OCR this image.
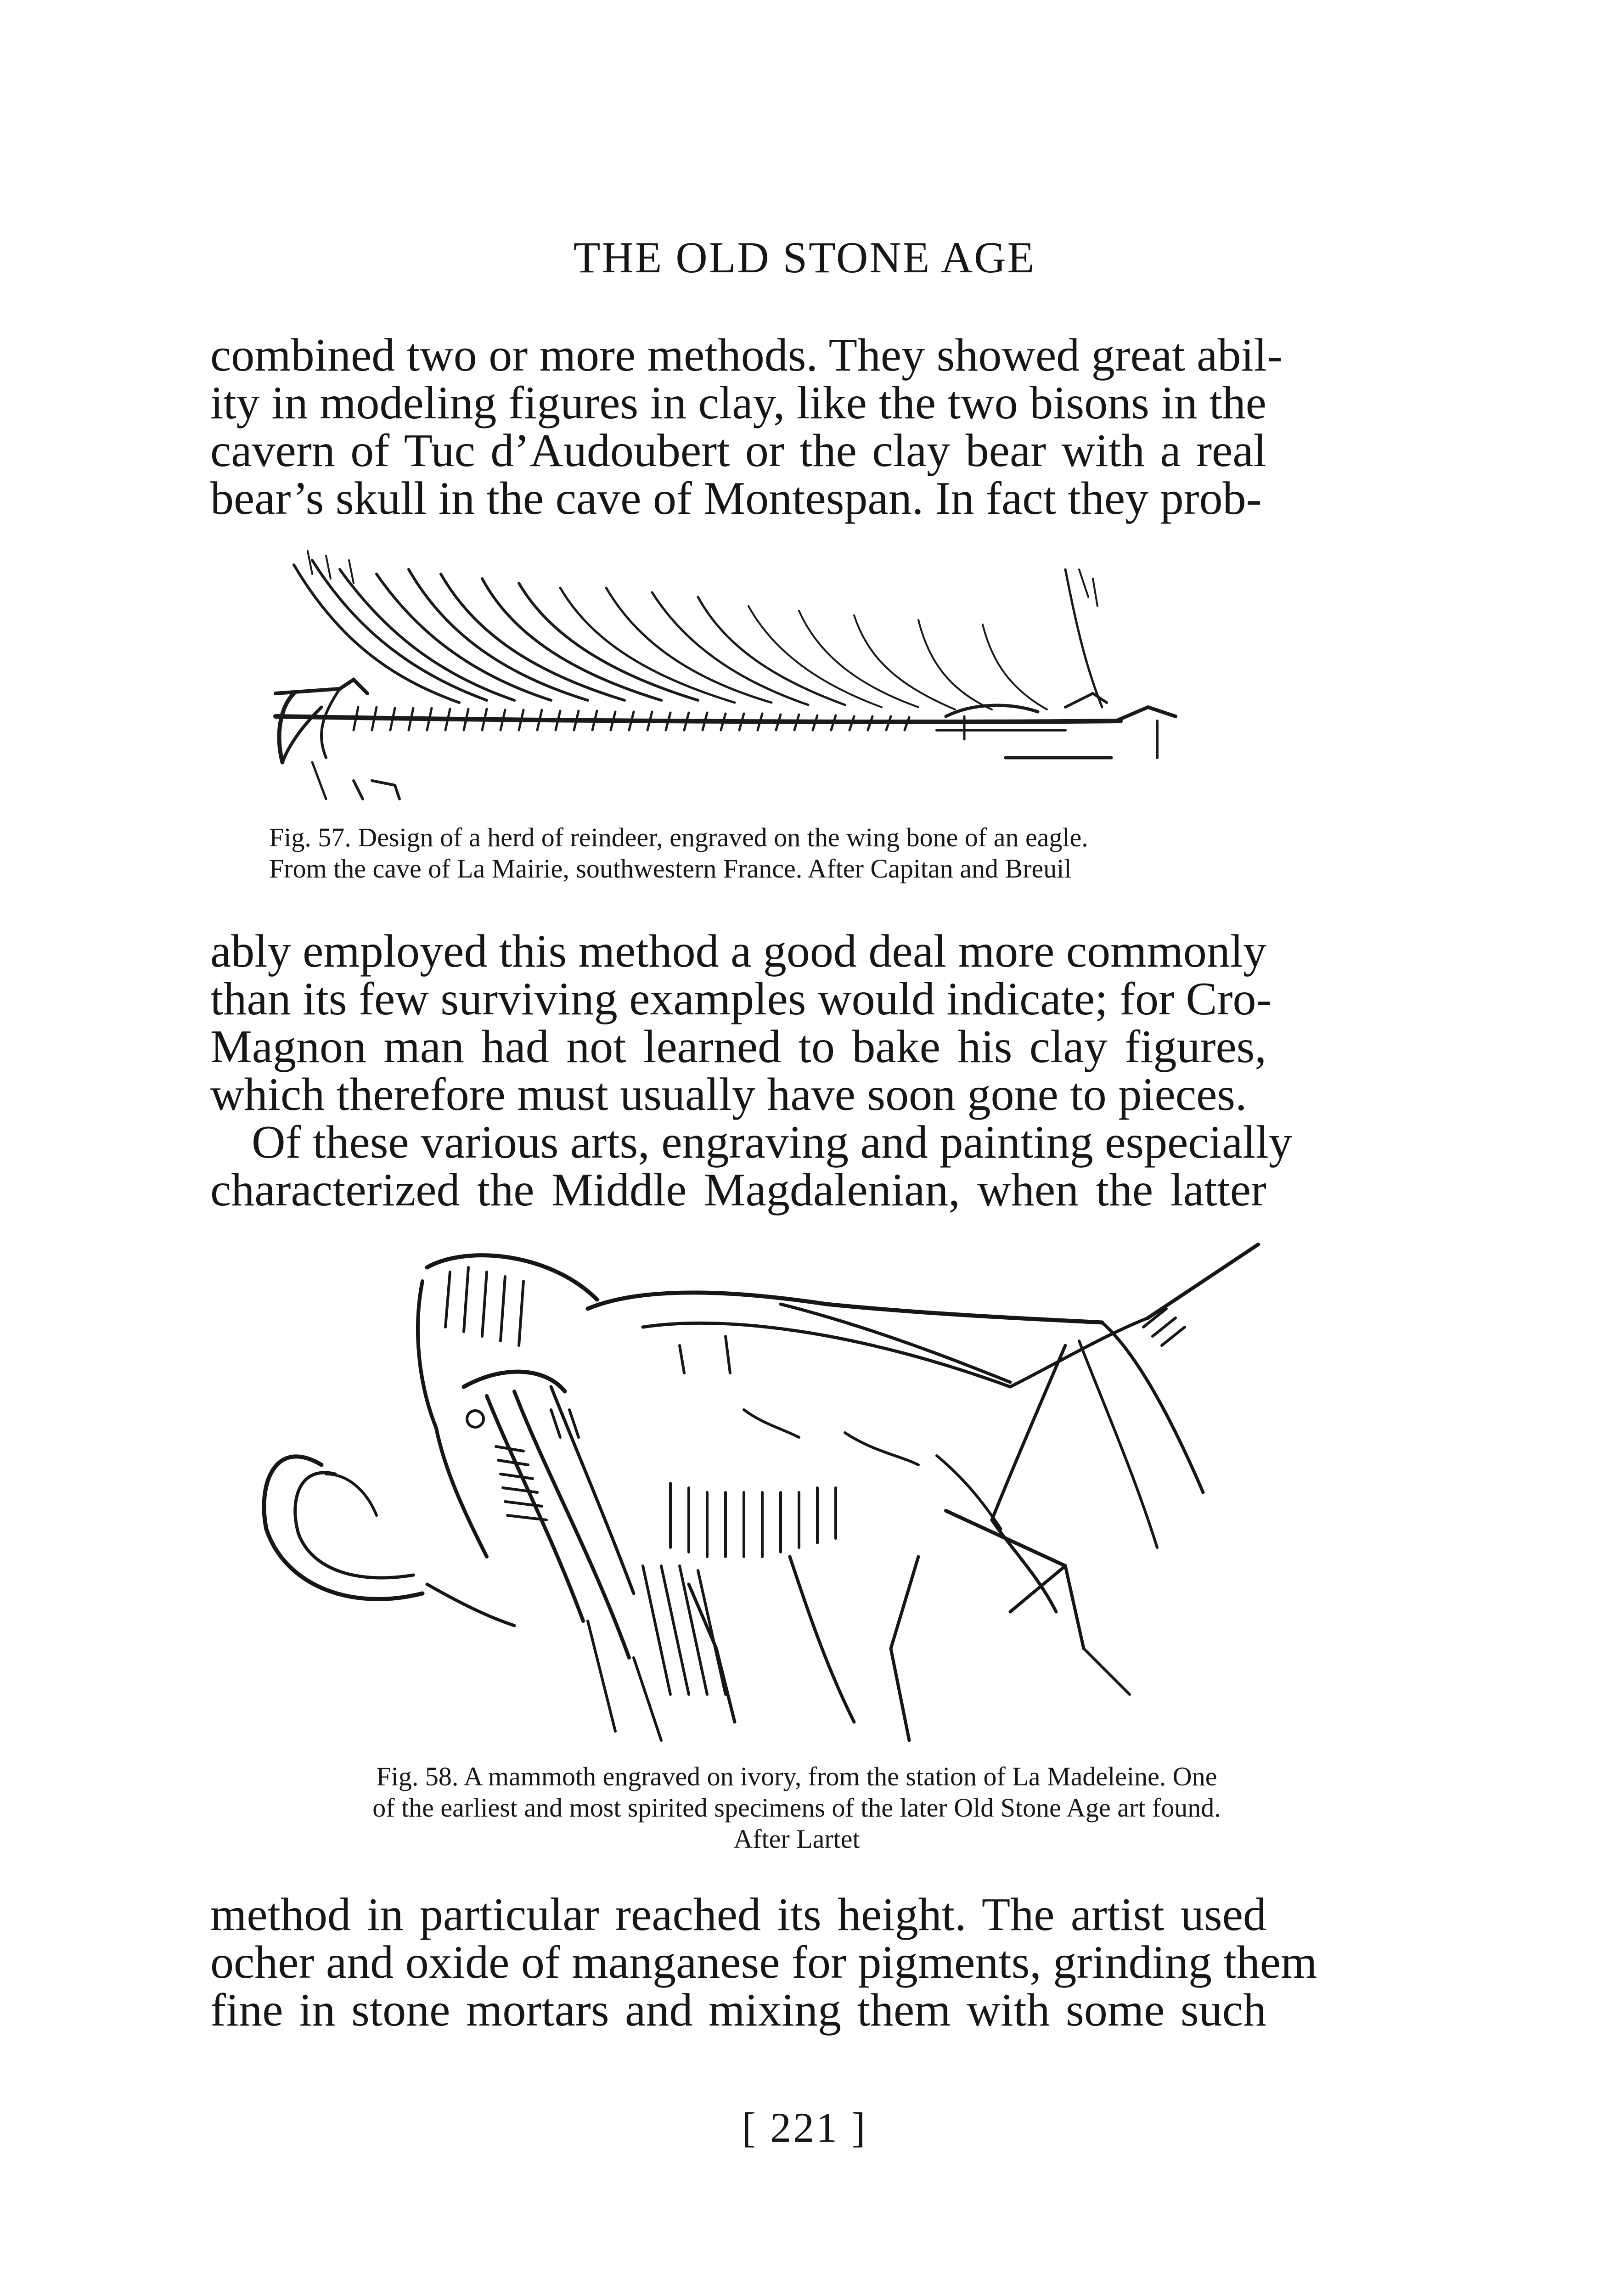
THE OLD STONE AGE
combined two or more methods. They showed great abil-
ity in modeling figures in clay, like the two bisons in the
cavern of Tuc d’Audoubert or the clay bear with a real
bear’s skull in the cave of Montespan. In fact they prob-
Fig. 57. Design of a herd of reindeer, engraved on the wing bone of an eagle.
From the cave of La Mairie, southwestern France. After Capitan and Breuil
ably employed this method a good deal more commonly
than its few surviving examples would indicate; for Cro-
Magnon man had not learned to bake his clay figures,
which therefore must usually have soon gone to pieces.
Of these various arts, engraving and painting especially
characterized the Middle Magdalenian, when the latter
Fig. 58. A mammoth engraved on ivory, from the station of La Madeleine. One
of the earliest and most spirited specimens of the later Old Stone Age art found.
After Lartet
method in particular reached its height. The artist used
ocher and oxide of manganese for pigments, grinding them
fine in stone mortars and mixing them with some such
[ 221 ]
